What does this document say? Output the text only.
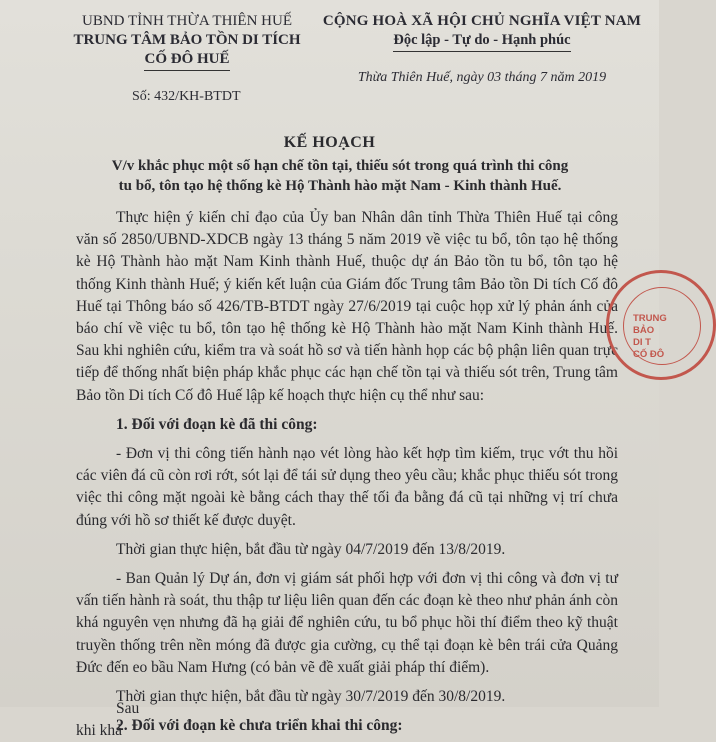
UBND TỈNH THỪA THIÊN HUẾ
TRUNG TÂM BẢO TỒN DI TÍCH
CỐ ĐÔ HUẾ
Số: 432/KH-BTDT
CỘNG HOÀ XÃ HỘI CHỦ NGHĨA VIỆT NAM
Độc lập - Tự do - Hạnh phúc
Thừa Thiên Huế, ngày 03 tháng 7 năm 2019
KẾ HOẠCH
V/v khắc phục một số hạn chế tồn tại, thiếu sót trong quá trình thi công
tu bổ, tôn tạo hệ thống kè Hộ Thành hào mặt Nam - Kinh thành Huế.

Thực hiện ý kiến chỉ đạo của Ủy ban Nhân dân tỉnh Thừa Thiên Huế tại công văn số 2850/UBND-XDCB ngày 13 tháng 5 năm 2019 về việc tu bổ, tôn tạo hệ thống kè Hộ Thành hào mặt Nam Kinh thành Huế, thuộc dự án Bảo tồn tu bổ, tôn tạo hệ thống Kinh thành Huế; ý kiến kết luận của Giám đốc Trung tâm Bảo tồn Di tích Cố đô Huế tại Thông báo số 426/TB-BTDT ngày 27/6/2019 tại cuộc họp xử lý phản ánh của báo chí về việc tu bổ, tôn tạo hệ thống kè Hộ Thành hào mặt Nam Kinh thành Huế. Sau khi nghiên cứu, kiểm tra và soát hồ sơ và tiến hành họp các bộ phận liên quan trực tiếp để thống nhất biện pháp khắc phục các hạn chế tồn tại và thiếu sót trên, Trung tâm Bảo tồn Di tích Cố đô Huế lập kế hoạch thực hiện cụ thể như sau:

1. Đối với đoạn kè đã thi công:

- Đơn vị thi công tiến hành nạo vét lòng hào kết hợp tìm kiếm, trục vớt thu hồi các viên đá cũ còn rơi rớt, sót lại để tái sử dụng theo yêu cầu; khắc phục thiếu sót trong việc thi công mặt ngoài kè bằng cách thay thế tối đa bằng đá cũ tại những vị trí chưa đúng với hồ sơ thiết kế được duyệt.

Thời gian thực hiện, bắt đầu từ ngày 04/7/2019 đến 13/8/2019.

- Ban Quản lý Dự án, đơn vị giám sát phối hợp với đơn vị thi công và đơn vị tư vấn tiến hành rà soát, thu thập tư liệu liên quan đến các đoạn kè theo như phản ánh còn khá nguyên vẹn nhưng đã hạ giải để nghiên cứu, tu bổ phục hồi thí điểm theo kỹ thuật truyền thống trên nền móng đã được gia cường, cụ thể tại đoạn kè bên trái cửa Quảng Đức đến eo bầu Nam Hưng (có bản vẽ đề xuất giải pháp thí điểm).

Thời gian thực hiện, bắt đầu từ ngày 30/7/2019 đến 30/8/2019.

2. Đối với đoạn kè chưa triển khai thi công:

Sau khi khả
TRUNG
BẢO
DI T
CỐ ĐÔ
